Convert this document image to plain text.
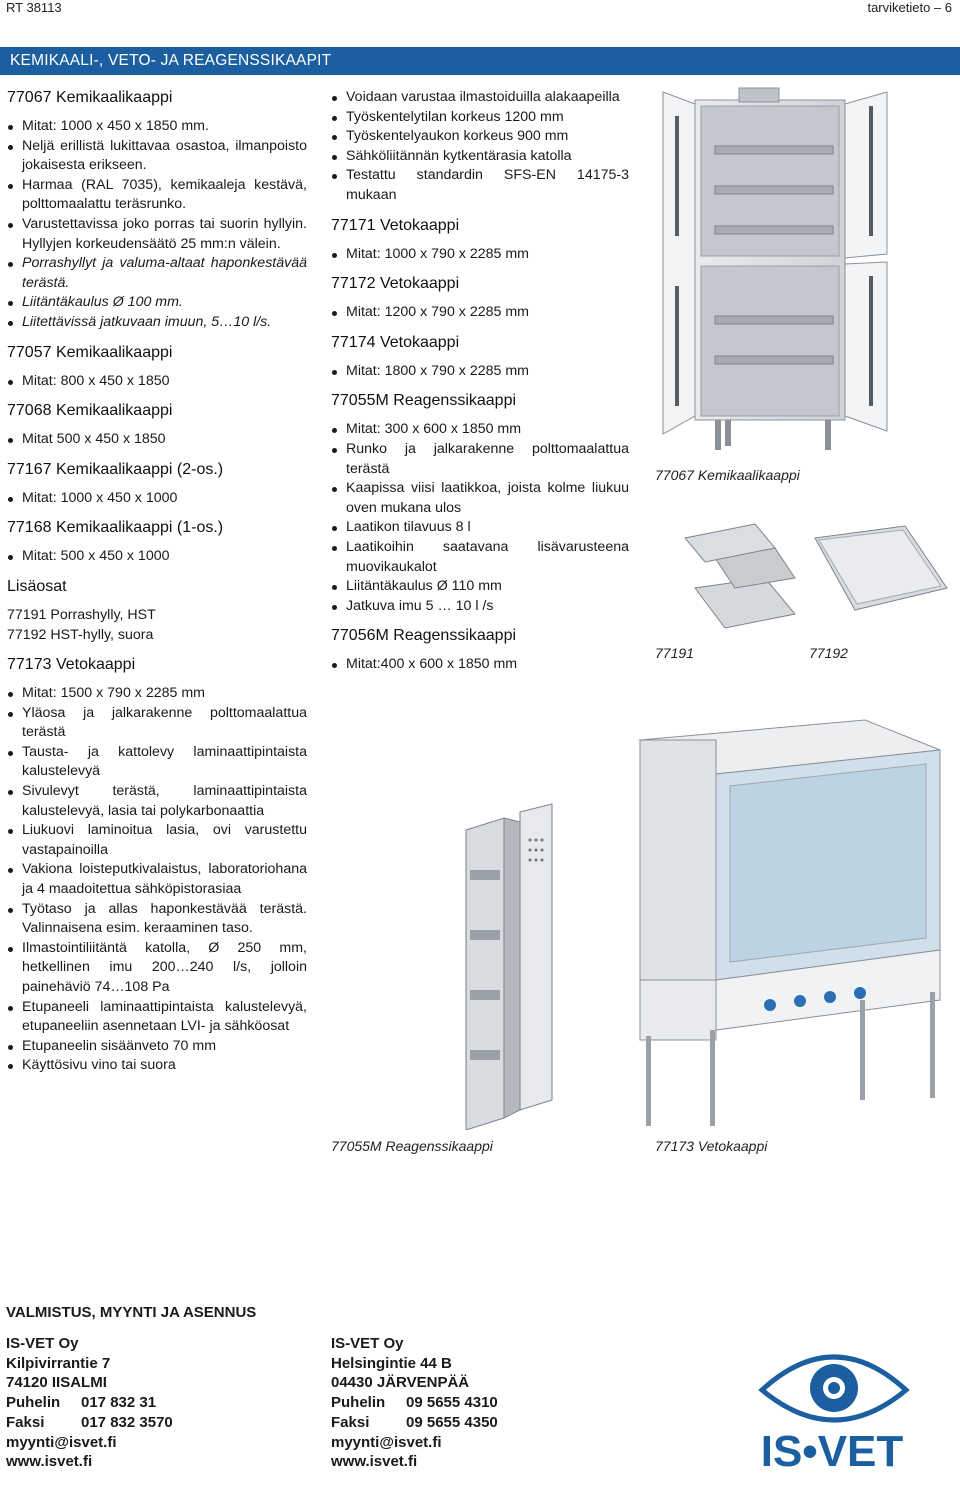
RT 38113	tarviketieto – 6
KEMIKAALI-, VETO- JA REAGENSSIKAAPIT
77067 Kemikaalikaappi
Mitat: 1000 x 450 x 1850 mm.
Neljä erillistä lukittavaa osastoa, ilmanpoisto jokaisesta erikseen.
Harmaa (RAL 7035), kemikaaleja kestävä, polttomaalattu teräsrunko.
Varustettavissa joko porras tai suorin hyllyin. Hyllyjen korkeudensäätö 25 mm:n välein.
Porrashyllyt ja valuma-altaat haponkestävää terästä.
Liitäntäkaulus Ø 100 mm.
Liitettävissä jatkuvaan imuun, 5…10 l/s.
77057 Kemikaalikaappi
Mitat: 800 x 450 x 1850
77068 Kemikaalikaappi
Mitat 500 x 450 x 1850
77167 Kemikaalikaappi (2-os.)
Mitat: 1000 x 450 x 1000
77168 Kemikaalikaappi (1-os.)
Mitat: 500 x 450 x 1000
Lisäosat

77191 Porrashylly, HST

77192 HST-hylly, suora

77173 Vetokaappi
Mitat: 1500 x 790 x 2285 mm
Yläosa ja jalkarakenne polttomaalattua terästä
Tausta- ja kattolevy laminaattipintaista kalustelevyä
Sivulevyt terästä, laminaattipintaista kalustelevyä, lasia tai polykarbonaattia
Liukuovi laminoitua lasia, ovi varustettu vastapainoilla
Vakiona loisteputkivalaistus, laboratoriohana ja 4 maadoitettua sähköpistorasiaa
Työtaso ja allas haponkestävää terästä. Valinnaisena esim. keraaminen taso.
Ilmastointiliitäntä katolla, Ø 250 mm, hetkellinen imu 200…240 l/s, jolloin painehäviö 74…108 Pa
Etupaneeli laminaattipintaista kalustelevyä, etupaneeliin asennetaan LVI- ja sähköosat
Etupaneelin sisäänveto 70 mm
Käyttösivu vino tai suora
Voidaan varustaa ilmastoiduilla alakaapeilla
Työskentelytilan korkeus 1200 mm
Työskentelyaukon korkeus 900 mm
Sähköliitännän kytkentärasia katolla
Testattu standardin SFS-EN 14175-3 mukaan
77171 Vetokaappi
Mitat: 1000 x 790 x 2285 mm
77172 Vetokaappi
Mitat: 1200 x 790 x 2285 mm
77174 Vetokaappi
Mitat: 1800 x 790 x 2285 mm
77055M Reagenssikaappi
Mitat: 300 x 600 x 1850 mm
Runko ja jalkarakenne polttomaalattua terästä
Kaapissa viisi laatikkoa, joista kolme liukuu oven mukana ulos
Laatikon tilavuus 8 l
Laatikoihin saatavana lisävarusteena muovikaukalot
Liitäntäkaulus Ø 110 mm
Jatkuva imu 5 … 10 l /s
77056M Reagenssikaappi
Mitat:400 x 600 x 1850 mm
77067 Kemikaalikaappi
77191	77192
77055M Reagenssikaappi	77173 Vetokaappi
VALMISTUS, MYYNTI JA ASENNUS
IS-VET Oy
Kilpivirrantie 7
74120 IISALMI
Puhelin	017 832 31
Faksi	017 832 3570
myynti@isvet.fi
www.isvet.fi
IS-VET Oy
Helsingintie 44 B
04430 JÄRVENPÄÄ
Puhelin	09 5655 4310
Faksi	09 5655 4350
myynti@isvet.fi
www.isvet.fi	IS•VET
